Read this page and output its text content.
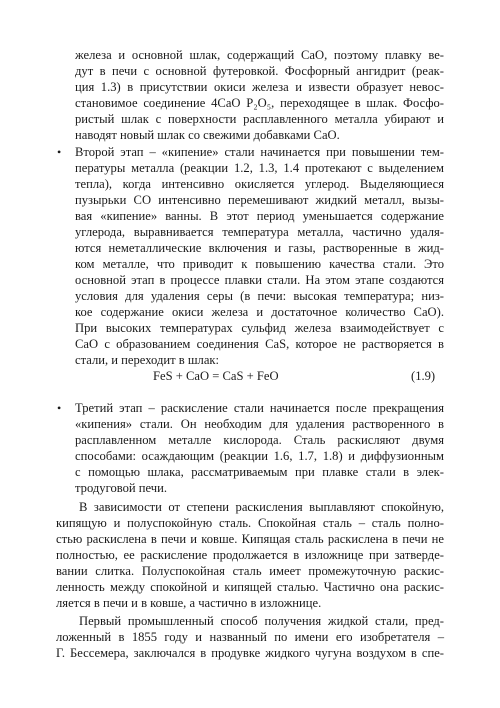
железа и основной шлак, содержащий CaO, поэтому плавку ве-
дут в печи с основной футеровкой. Фосфорный ангидрит (реак-
ция 1.3) в присутствии окиси железа и извести образует невос-
становимое соединение 4CaO P₂O₅, переходящее в шлак. Фосфо-
ристый шлак с поверхности расплавленного металла убирают и
наводят новый шлак со свежими добавками CaO.
• Второй этап – «кипение» стали начинается при повышении тем-
пературы металла (реакции 1.2, 1.3, 1.4 протекают с выделением
тепла), когда интенсивно окисляется углерод. Выделяющиеся
пузырьки CO интенсивно перемешивают жидкий металл, вызы-
вая «кипение» ванны. В этот период уменьшается содержание
углерода, выравнивается температура металла, частично удаля-
ются неметаллические включения и газы, растворенные в жид-
ком металле, что приводит к повышению качества стали. Это
основной этап в процессе плавки стали. На этом этапе создаются
условия для удаления серы (в печи: высокая температура; низ-
кое содержание окиси железа и достаточное количество CaO).
При высоких температурах сульфид железа взаимодействует с
CaO с образованием соединения CaS, которое не растворяется в
стали, и переходит в шлак:
FeS + CaO = CaS + FeO	(1.9)
• Третий этап – раскисление стали начинается после прекращения
«кипения» стали. Он необходим для удаления растворенного в
расплавленном металле кислорода. Сталь раскисляют двумя
способами: осаждающим (реакции 1.6, 1.7, 1.8) и диффузионным
с помощью шлака, рассматриваемым при плавке стали в элек-
тродуговой печи.
В зависимости от степени раскисления выплавляют спокойную,
кипящую и полуспокойную сталь. Спокойная сталь – сталь полно-
стью раскислена в печи и ковше. Кипящая сталь раскислена в печи не
полностью, ее раскисление продолжается в изложнице при затверде-
вании слитка. Полуспокойная сталь имеет промежуточную раскис-
ленность между спокойной и кипящей сталью. Частично она раскис-
ляется в печи и в ковше, а частично в изложнице.
Первый промышленный способ получения жидкой стали, пред-
ложенный в 1855 году и названный по имени его изобретателя –
Г. Бессемера, заключался в продувке жидкого чугуна воздухом в спе-
